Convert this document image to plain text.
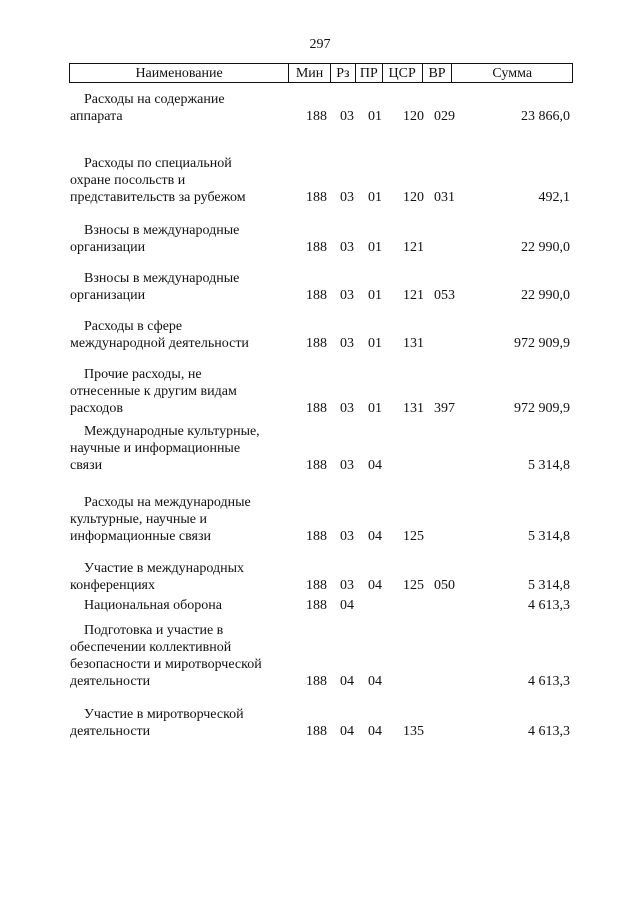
297
Наименование	Мин Рз ПР ЦСР ВР	Сумма
Расходы на содержание
аппарата	188 03 01 120 029	23 866,0
Расходы по специальной
охране посольств и
представительств за рубежом	188 03 01 120 031	492,1
Взносы в международные
организации	188 03 01 121	22 990,0
Взносы в международные
организации	188 03 01 121 053	22 990,0
Расходы в сфере
международной деятельности	188 03 01 131	972 909,9
Прочие расходы, не
отнесенные к другим видам
расходов	188 03 01 131 397	972 909,9
Международные культурные,
научные и информационные
связи	188 03 04	5 314,8
Расходы на международные
культурные, научные и
информационные связи	188 03 04 125	5 314,8
Участие в международных
конференциях	188 03 04 125 050	5 314,8
Национальная оборона	188 04	4 613,3
Подготовка и участие в
обеспечении коллективной
безопасности и миротворческой
деятельности	188 04 04	4 613,3
Участие в миротворческой
деятельности	188 04 04 135	4 613,3
